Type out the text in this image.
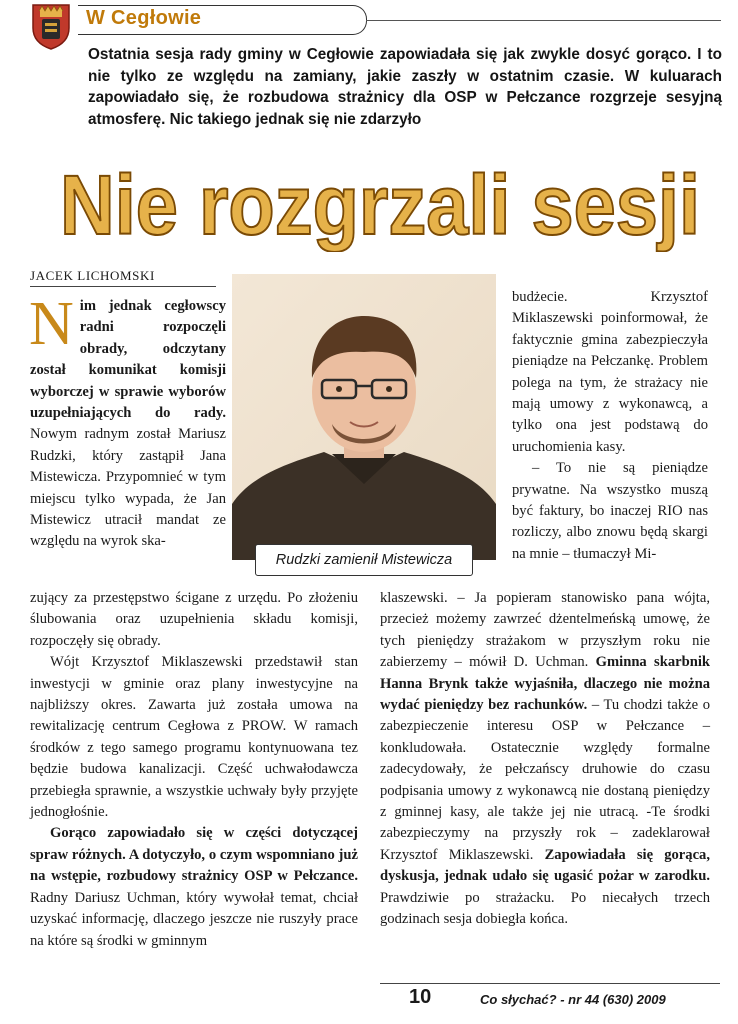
W Cegłowie
Ostatnia sesja rady gminy w Cegłowie zapowiadała się jak zwykle dosyć gorąco. I to nie tylko ze względu na zamiany, jakie zaszły w ostatnim czasie. W kuluarach zapowiadało się, że rozbudowa strażnicy dla OSP w Pełczance rozgrzeje sesyjną atmosferę. Nic takiego jednak się nie zdarzyło
Nie rozgrzali sesji
JACEK LICHOMSKI

Nim jednak cegłowscy radni rozpoczęli obrady, odczytany został komunikat komisji wyborczej w sprawie wyborów uzupełniających do rady. Nowym radnym został Mariusz Rudzki, który zastąpił Jana Mistewicza. Przypomnieć w tym miejscu tylko wypada, że Jan Mistewicz utracił mandat ze względu na wyrok ska-

zujący za przestępstwo ścigane z urzędu. Po złożeniu ślubowania oraz uzupełnienia składu komisji, rozpoczęły się obrady.

Wójt Krzysztof Miklaszewski przedstawił stan inwestycji w gminie oraz plany inwestycyjne na najbliższy okres. Zawarta już została umowa na rewitalizację centrum Cegłowa z PROW. W ramach środków z tego samego programu kontynuowana tez będzie budowa kanalizacji. Część uchwałodawcza przebiegła sprawnie, a wszystkie uchwały były przyjęte jednogłośnie.

Gorąco zapowiadało się w części dotyczącej spraw różnych. A dotyczyło, o czym wspomniano już na wstępie, rozbudowy strażnicy OSP w Pełczance. Radny Dariusz Uchman, który wywołał temat, chciał uzyskać informację, dlaczego jeszcze nie ruszyły prace na które są środki w gminnym

Rudzki zamienił Mistewicza

budżecie. Krzysztof Miklaszewski poinformował, że faktycznie gmina zabezpieczyła pieniądze na Pełczankę. Problem polega na tym, że strażacy nie mają umowy z wykonawcą, a tylko ona jest podstawą do uruchomienia kasy.

– To nie są pieniądze prywatne. Na wszystko muszą być faktury, bo inaczej RIO nas rozliczy, albo znowu będą skargi na mnie – tłumaczył Mi-

klaszewski. – Ja popieram stanowisko pana wójta, przecież możemy zawrzeć dżentelmeńską umowę, że tych pieniędzy strażakom w przyszłym roku nie zabierzemy – mówił D. Uchman. Gminna skarbnik Hanna Brynk także wyjaśniła, dlaczego nie można wydać pieniędzy bez rachunków. – Tu chodzi także o zabezpieczenie interesu OSP w Pełczance – konkludowała. Ostatecznie względy formalne zadecydowały, że pełczańscy druhowie do czasu podpisania umowy z wykonawcą nie dostaną pieniędzy z gminnej kasy, ale także jej nie utracą. -Te środki zabezpieczymy na przyszły rok – zadeklarował Krzysztof Miklaszewski. Zapowiadała się gorąca, dyskusja, jednak udało się ugasić pożar w zarodku. Prawdziwie po strażacku. Po niecałych trzech godzinach sesja dobiegła końca.

10	Co słychać? - nr 44 (630) 2009
